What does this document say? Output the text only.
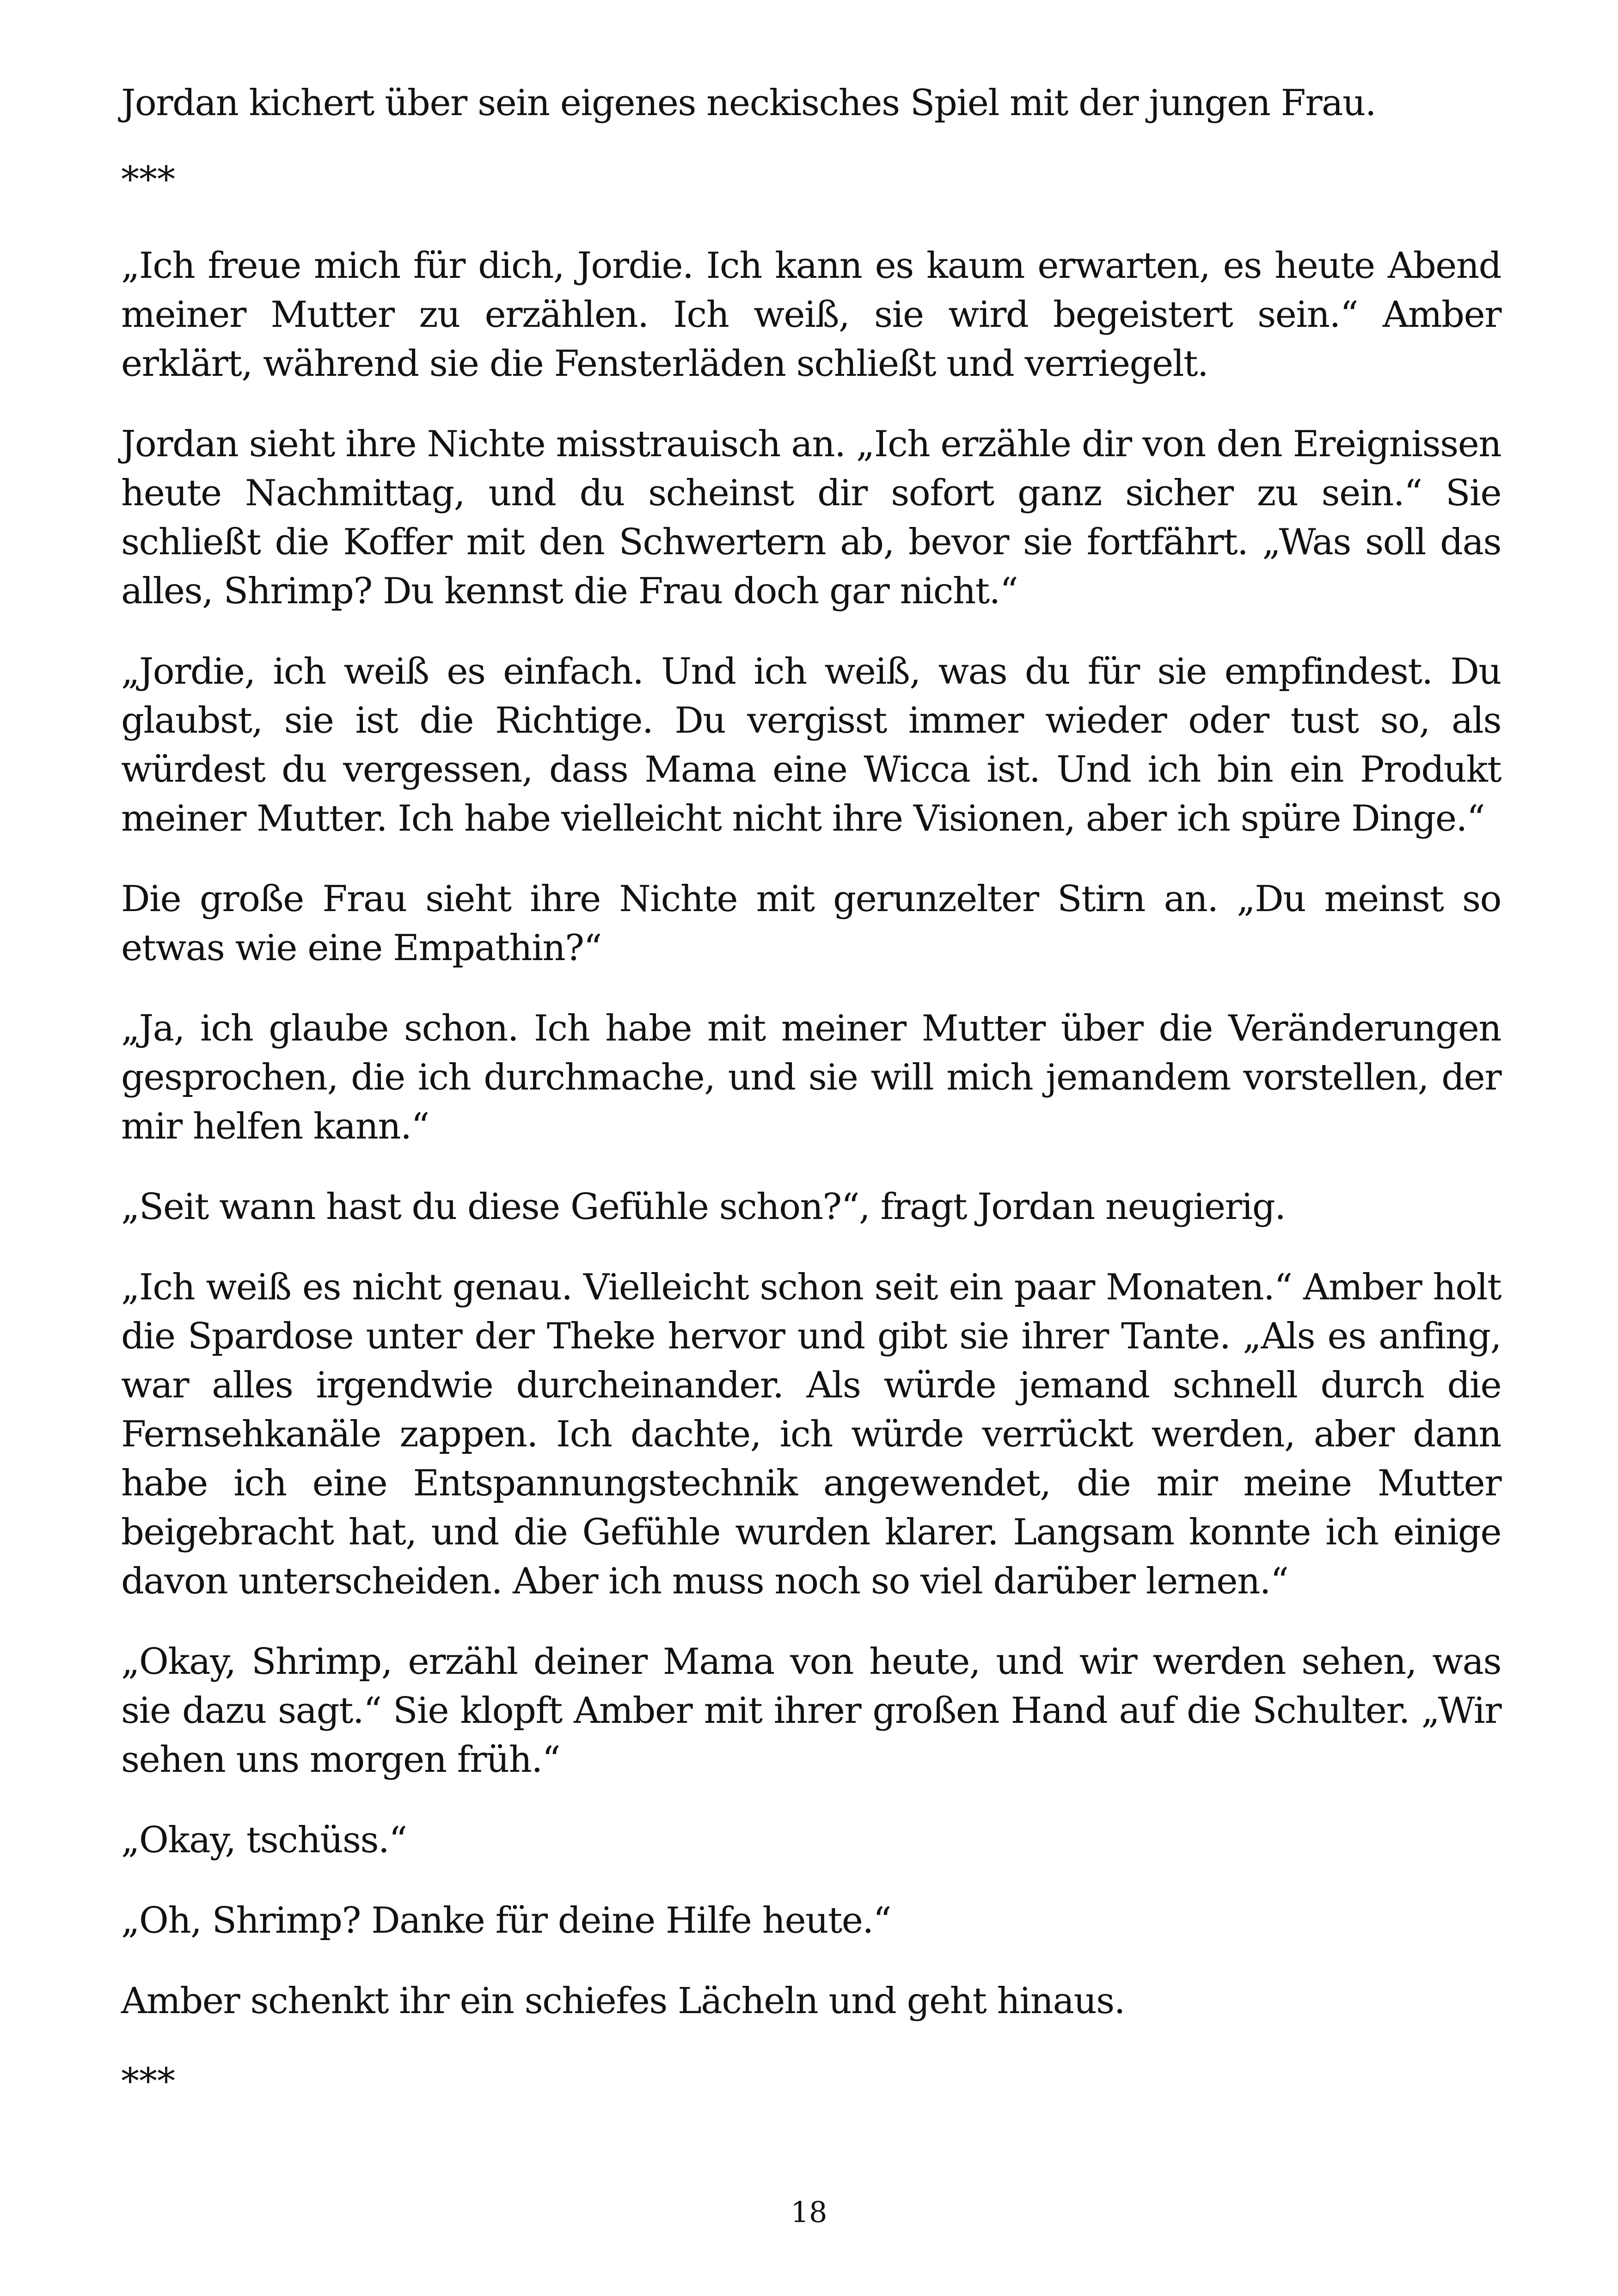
Jordan kichert über sein eigenes neckisches Spiel mit der jungen Frau.

***

„Ich freue mich für dich, Jordie. Ich kann es kaum erwarten, es heute Abend meiner Mutter zu erzählen. Ich weiß, sie wird begeistert sein.“ Amber erklärt, während sie die Fensterläden schließt und verriegelt.

Jordan sieht ihre Nichte misstrauisch an. „Ich erzähle dir von den Ereignissen heute Nachmittag, und du scheinst dir sofort ganz sicher zu sein.“ Sie schließt die Koffer mit den Schwertern ab, bevor sie fortfährt. „Was soll das alles, Shrimp? Du kennst die Frau doch gar nicht.“

„Jordie, ich weiß es einfach. Und ich weiß, was du für sie empfindest. Du glaubst, sie ist die Richtige. Du vergisst immer wieder oder tust so, als würdest du vergessen, dass Mama eine Wicca ist. Und ich bin ein Produkt meiner Mutter. Ich habe vielleicht nicht ihre Visionen, aber ich spüre Dinge.“

Die große Frau sieht ihre Nichte mit gerunzelter Stirn an. „Du meinst so etwas wie eine Empathin?“

„Ja, ich glaube schon. Ich habe mit meiner Mutter über die Veränderungen gesprochen, die ich durchmache, und sie will mich jemandem vorstellen, der mir helfen kann.“

„Seit wann hast du diese Gefühle schon?“, fragt Jordan neugierig.

„Ich weiß es nicht genau. Vielleicht schon seit ein paar Monaten.“ Amber holt die Spardose unter der Theke hervor und gibt sie ihrer Tante. „Als es anfing, war alles irgendwie durcheinander. Als würde jemand schnell durch die Fernsehkanäle zappen. Ich dachte, ich würde verrückt werden, aber dann habe ich eine Entspannungstechnik angewendet, die mir meine Mutter beigebracht hat, und die Gefühle wurden klarer. Langsam konnte ich einige davon unterscheiden. Aber ich muss noch so viel darüber lernen.“

„Okay, Shrimp, erzähl deiner Mama von heute, und wir werden sehen, was sie dazu sagt.“ Sie klopft Amber mit ihrer großen Hand auf die Schulter. „Wir sehen uns morgen früh.“

„Okay, tschüss.“

„Oh, Shrimp? Danke für deine Hilfe heute.“

Amber schenkt ihr ein schiefes Lächeln und geht hinaus.

***

18
